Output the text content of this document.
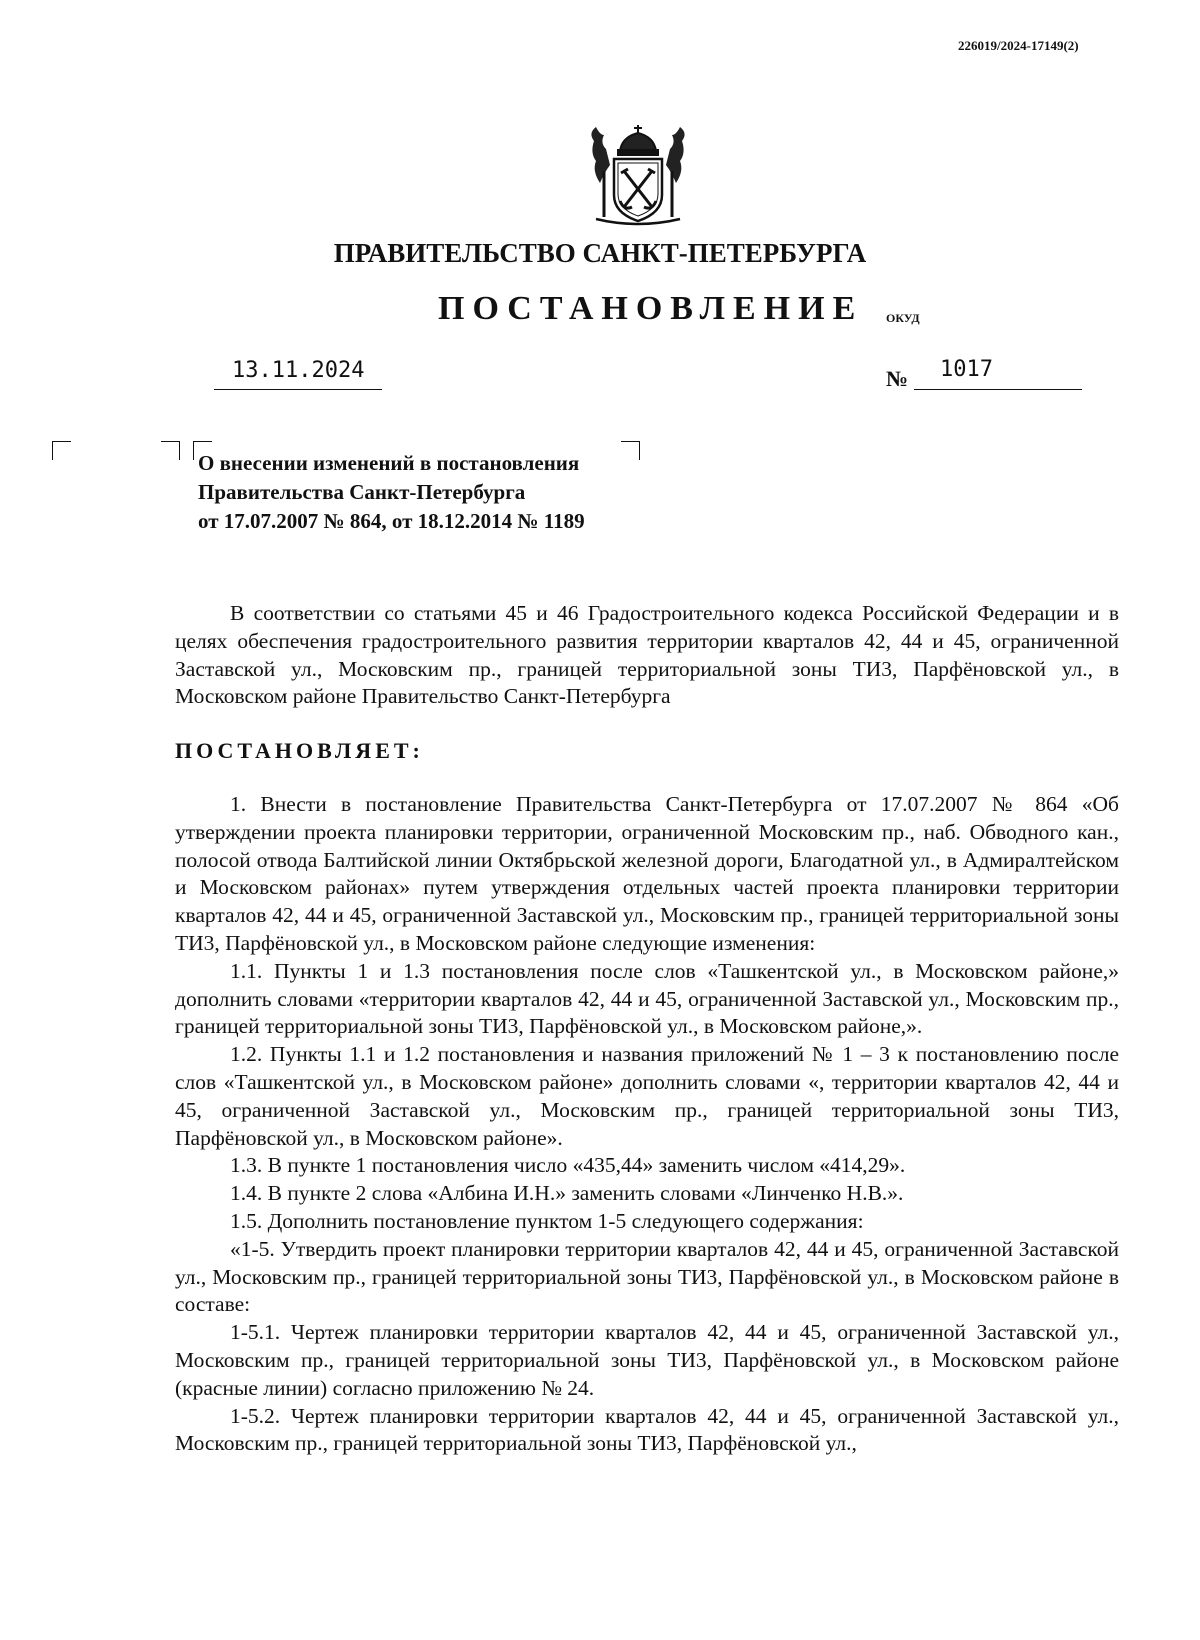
226019/2024-17149(2)
ПРАВИТЕЛЬСТВО САНКТ-ПЕТЕРБУРГА
ПОСТАНОВЛЕНИЕ ОКУД
13.11.2024	№ 1017
О внесении изменений в постановления
Правительства Санкт-Петербурга
от 17.07.2007 № 864, от 18.12.2014 № 1189

В соответствии со статьями 45 и 46 Градостроительного кодекса Российской Федерации и в целях обеспечения градостроительного развития территории кварталов 42, 44 и 45, ограниченной Заставской ул., Московским пр., границей территориальной зоны ТИ3, Парфёновской ул., в Московском районе Правительство Санкт-Петербурга

ПОСТАНОВЛЯЕТ:

1. Внести в постановление Правительства Санкт-Петербурга от 17.07.2007 № 864 «Об утверждении проекта планировки территории, ограниченной Московским пр., наб. Обводного кан., полосой отвода Балтийской линии Октябрьской железной дороги, Благодатной ул., в Адмиралтейском и Московском районах» путем утверждения отдельных частей проекта планировки территории кварталов 42, 44 и 45, ограниченной Заставской ул., Московским пр., границей территориальной зоны ТИ3, Парфёновской ул., в Московском районе следующие изменения:

1.1. Пункты 1 и 1.3 постановления после слов «Ташкентской ул., в Московском районе,» дополнить словами «территории кварталов 42, 44 и 45, ограниченной Заставской ул., Московским пр., границей территориальной зоны ТИ3, Парфёновской ул., в Московском районе,».

1.2. Пункты 1.1 и 1.2 постановления и названия приложений № 1 – 3 к постановлению после слов «Ташкентской ул., в Московском районе» дополнить словами «, территории кварталов 42, 44 и 45, ограниченной Заставской ул., Московским пр., границей территориальной зоны ТИ3, Парфёновской ул., в Московском районе».

1.3. В пункте 1 постановления число «435,44» заменить числом «414,29».

1.4. В пункте 2 слова «Албина И.Н.» заменить словами «Линченко Н.В.».

1.5. Дополнить постановление пунктом 1-5 следующего содержания:

«1-5. Утвердить проект планировки территории кварталов 42, 44 и 45, ограниченной Заставской ул., Московским пр., границей территориальной зоны ТИ3, Парфёновской ул., в Московском районе в составе:

1-5.1. Чертеж планировки территории кварталов 42, 44 и 45, ограниченной Заставской ул., Московским пр., границей территориальной зоны ТИ3, Парфёновской ул., в Московском районе (красные линии) согласно приложению № 24.

1-5.2. Чертеж планировки территории кварталов 42, 44 и 45, ограниченной Заставской ул., Московским пр., границей территориальной зоны ТИ3, Парфёновской ул.,
